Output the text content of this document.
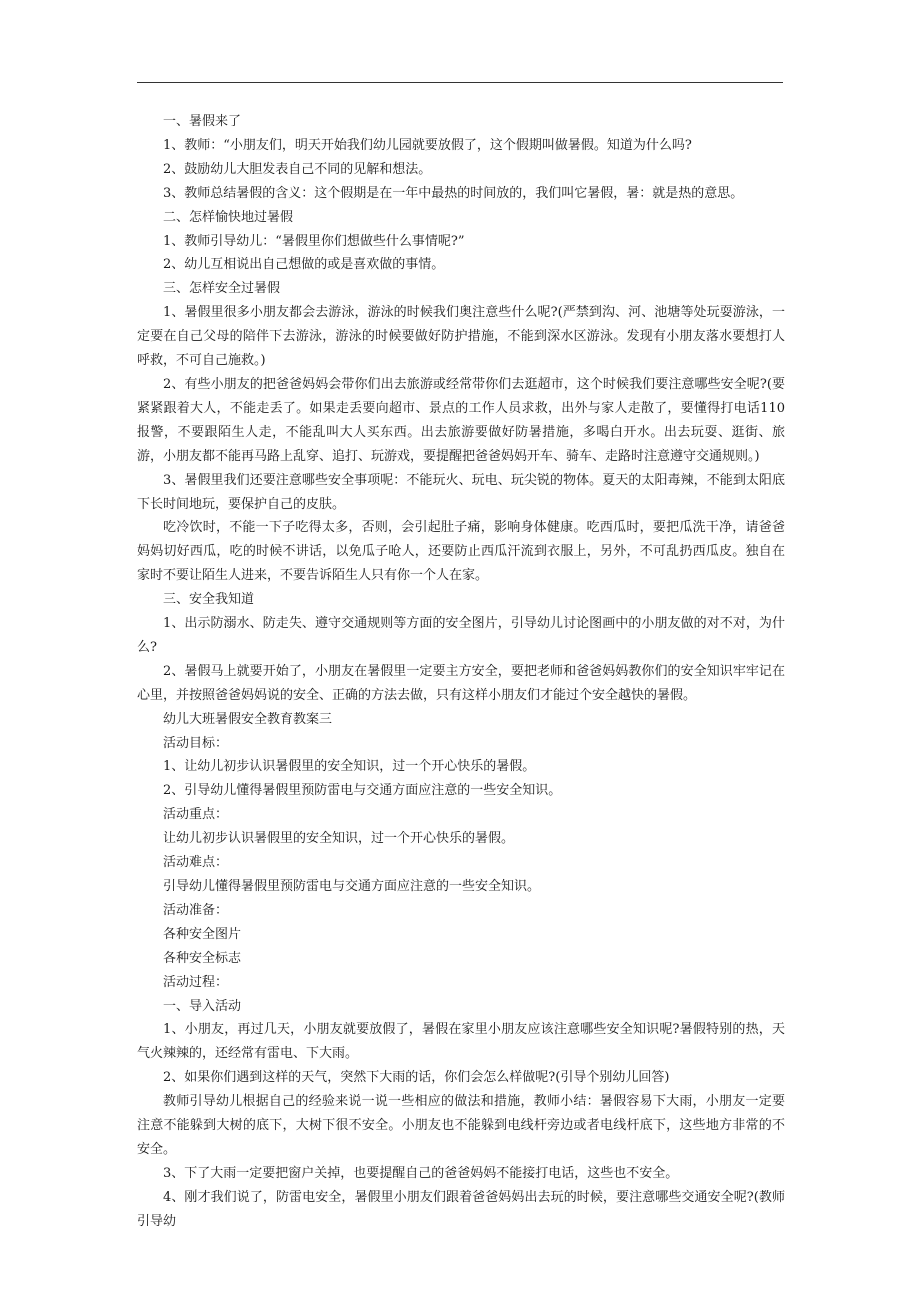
一、暑假来了

1、教师：“小朋友们，明天开始我们幼儿园就要放假了，这个假期叫做暑假。知道为什么吗?

2、鼓励幼儿大胆发表自己不同的见解和想法。

3、教师总结暑假的含义：这个假期是在一年中最热的时间放的，我们叫它暑假，暑：就是热的意思。

二、怎样愉快地过暑假

1、教师引导幼儿：“暑假里你们想做些什么事情呢?”

2、幼儿互相说出自己想做的或是喜欢做的事情。

三、怎样安全过暑假

1、暑假里很多小朋友都会去游泳，游泳的时候我们奥注意些什么呢?(严禁到沟、河、池塘等处玩耍游泳，一定要在自己父母的陪伴下去游泳，游泳的时候要做好防护措施，不能到深水区游泳。发现有小朋友落水要想打人呼救，不可自己施救。)

2、有些小朋友的把爸爸妈妈会带你们出去旅游或经常带你们去逛超市，这个时候我们要注意哪些安全呢?(要紧紧跟着大人，不能走丢了。如果走丢要向超市、景点的工作人员求救，出外与家人走散了，要懂得打电话110报警，不要跟陌生人走，不能乱叫大人买东西。出去旅游要做好防暑措施，多喝白开水。出去玩耍、逛街、旅游，小朋友都不能再马路上乱穿、追打、玩游戏，要提醒把爸爸妈妈开车、骑车、走路时注意遵守交通规则。)

3、暑假里我们还要注意哪些安全事项呢：不能玩火、玩电、玩尖锐的物体。夏天的太阳毒辣，不能到太阳底下长时间地玩，要保护自己的皮肤。

吃冷饮时，不能一下子吃得太多，否则，会引起肚子痛，影响身体健康。吃西瓜时，要把瓜洗干净，请爸爸妈妈切好西瓜，吃的时候不讲话，以免瓜子呛人，还要防止西瓜汗流到衣服上，另外，不可乱扔西瓜皮。独自在家时不要让陌生人进来，不要告诉陌生人只有你一个人在家。

三、安全我知道

1、出示防溺水、防走失、遵守交通规则等方面的安全图片，引导幼儿讨论图画中的小朋友做的对不对，为什么?

2、暑假马上就要开始了，小朋友在暑假里一定要主方安全，要把老师和爸爸妈妈教你们的安全知识牢牢记在心里，并按照爸爸妈妈说的安全、正确的方法去做，只有这样小朋友们才能过个安全越快的暑假。

幼儿大班暑假安全教育教案三

活动目标：

1、让幼儿初步认识暑假里的安全知识，过一个开心快乐的暑假。

2、引导幼儿懂得暑假里预防雷电与交通方面应注意的一些安全知识。

活动重点：

让幼儿初步认识暑假里的安全知识，过一个开心快乐的暑假。

活动难点：

引导幼儿懂得暑假里预防雷电与交通方面应注意的一些安全知识。

活动准备：

各种安全图片

各种安全标志

活动过程：

一、导入活动

1、小朋友，再过几天，小朋友就要放假了，暑假在家里小朋友应该注意哪些安全知识呢?暑假特别的热，天气火辣辣的，还经常有雷电、下大雨。

2、如果你们遇到这样的天气，突然下大雨的话，你们会怎么样做呢?(引导个别幼儿回答)

教师引导幼儿根据自己的经验来说一说一些相应的做法和措施，教师小结：暑假容易下大雨，小朋友一定要注意不能躲到大树的底下，大树下很不安全。小朋友也不能躲到电线杆旁边或者电线杆底下，这些地方非常的不安全。

3、下了大雨一定要把窗户关掉，也要提醒自己的爸爸妈妈不能接打电话，这些也不安全。

4、刚才我们说了，防雷电安全，暑假里小朋友们跟着爸爸妈妈出去玩的时候，要注意哪些交通安全呢?(教师引导幼
